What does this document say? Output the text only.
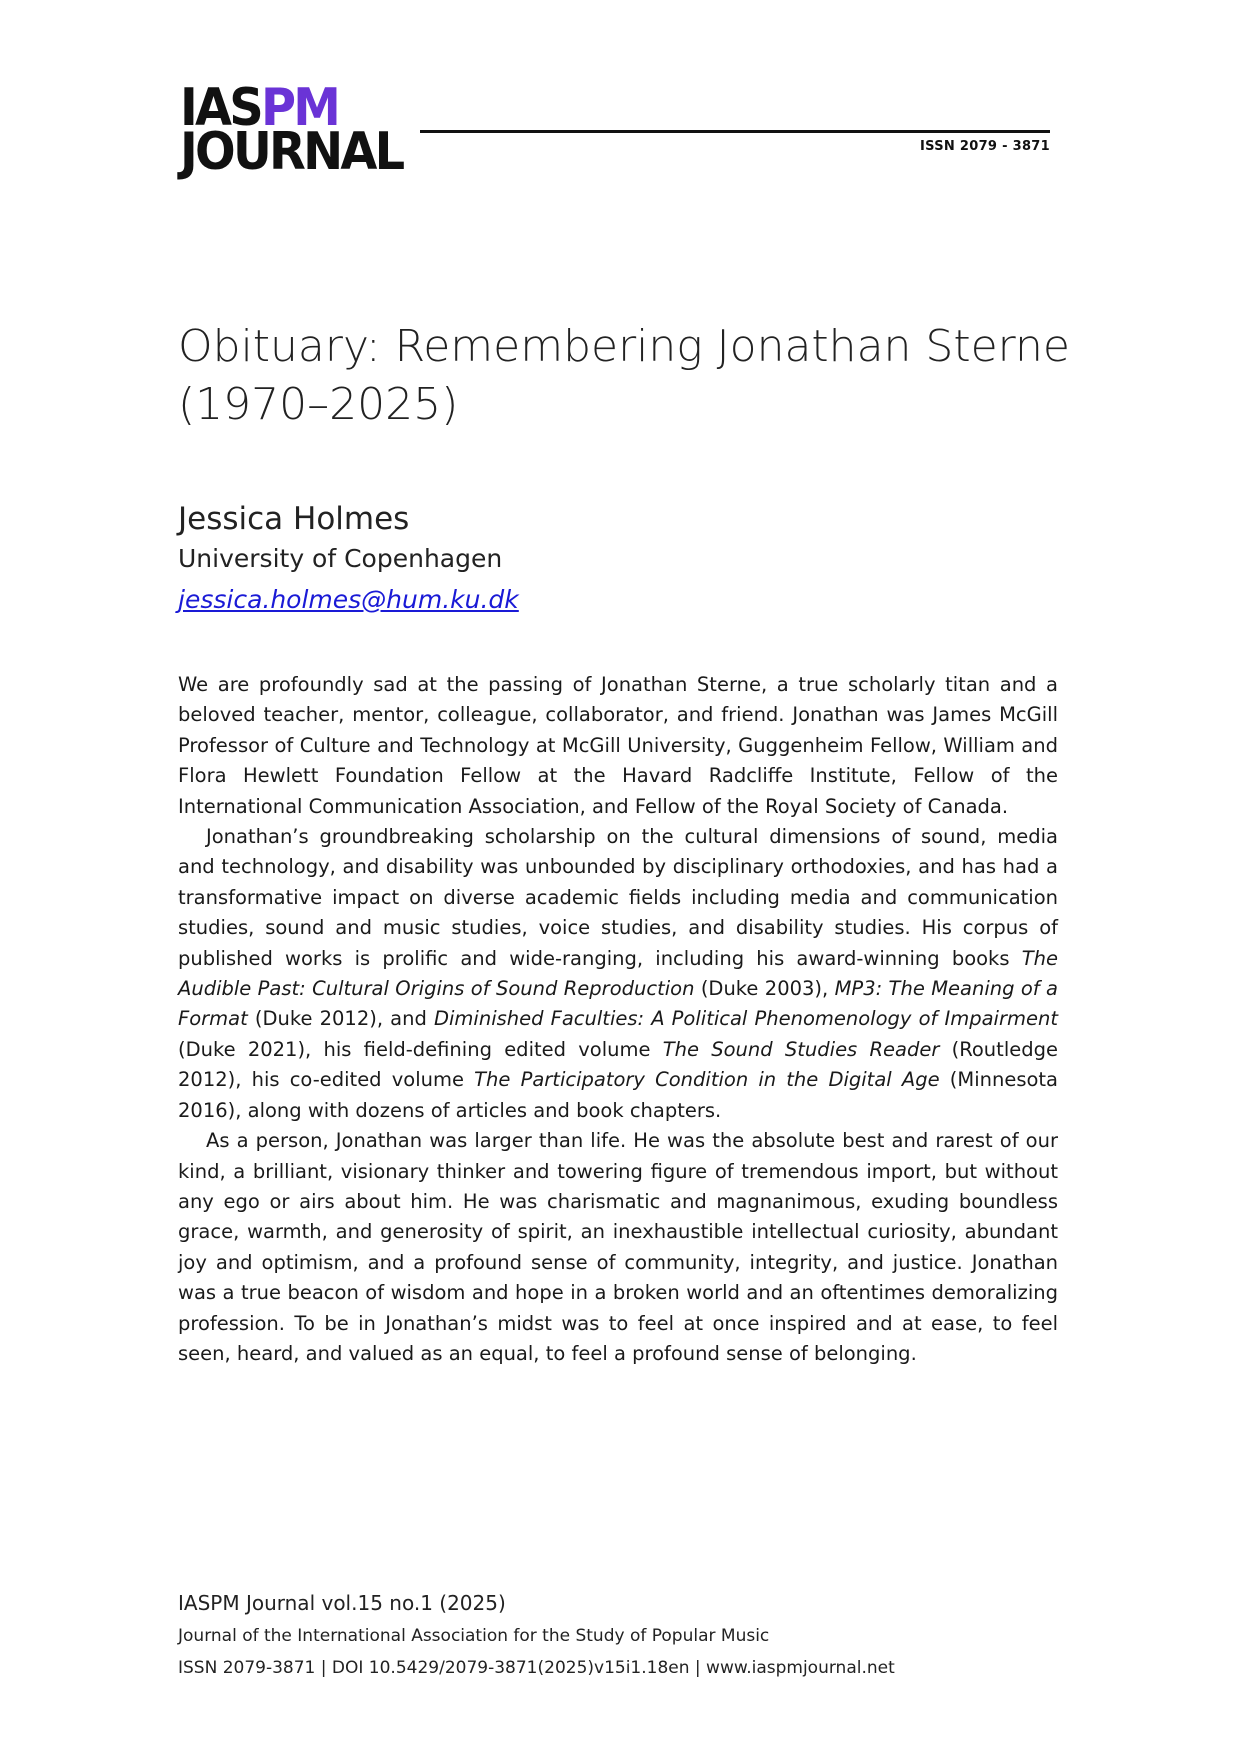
IASPM
JOURNAL	ISSN 2079 - 3871
Obituary: Remembering Jonathan Sterne (1970–2025)
Jessica Holmes
University of Copenhagen
jessica.holmes@hum.ku.dk

We are profoundly sad at the passing of Jonathan Sterne, a true scholarly titan and a beloved teacher, mentor, colleague, collaborator, and friend. Jonathan was James McGill Professor of Culture and Technology at McGill University, Guggenheim Fellow, William and Flora Hewlett Foundation Fellow at the Havard Radcliffe Institute, Fellow of the International Communication Association, and Fellow of the Royal Society of Canada.

Jonathan’s groundbreaking scholarship on the cultural dimensions of sound, media and technology, and disability was unbounded by disciplinary orthodoxies, and has had a transformative impact on diverse academic fields including media and communication studies, sound and music studies, voice studies, and disability studies. His corpus of published works is prolific and wide-ranging, including his award-winning books The Audible Past: Cultural Origins of Sound Reproduction (Duke 2003), MP3: The Meaning of a Format (Duke 2012), and Diminished Faculties: A Political Phenomenology of Impairment (Duke 2021), his field-defining edited volume The Sound Studies Reader (Routledge 2012), his co-edited volume The Participatory Condition in the Digital Age (Minnesota 2016), along with dozens of articles and book chapters.

As a person, Jonathan was larger than life. He was the absolute best and rarest of our kind, a brilliant, visionary thinker and towering figure of tremendous import, but without any ego or airs about him. He was charismatic and magnanimous, exuding boundless grace, warmth, and generosity of spirit, an inexhaustible intellectual curiosity, abundant joy and optimism, and a profound sense of community, integrity, and justice. Jonathan was a true beacon of wisdom and hope in a broken world and an oftentimes demoralizing profession. To be in Jonathan’s midst was to feel at once inspired and at ease, to feel seen, heard, and valued as an equal, to feel a profound sense of belonging.

IASPM Journal vol.15 no.1 (2025)
Journal of the International Association for the Study of Popular Music
ISSN 2079-3871 | DOI 10.5429/2079-3871(2025)v15i1.18en | www.iaspmjournal.net
